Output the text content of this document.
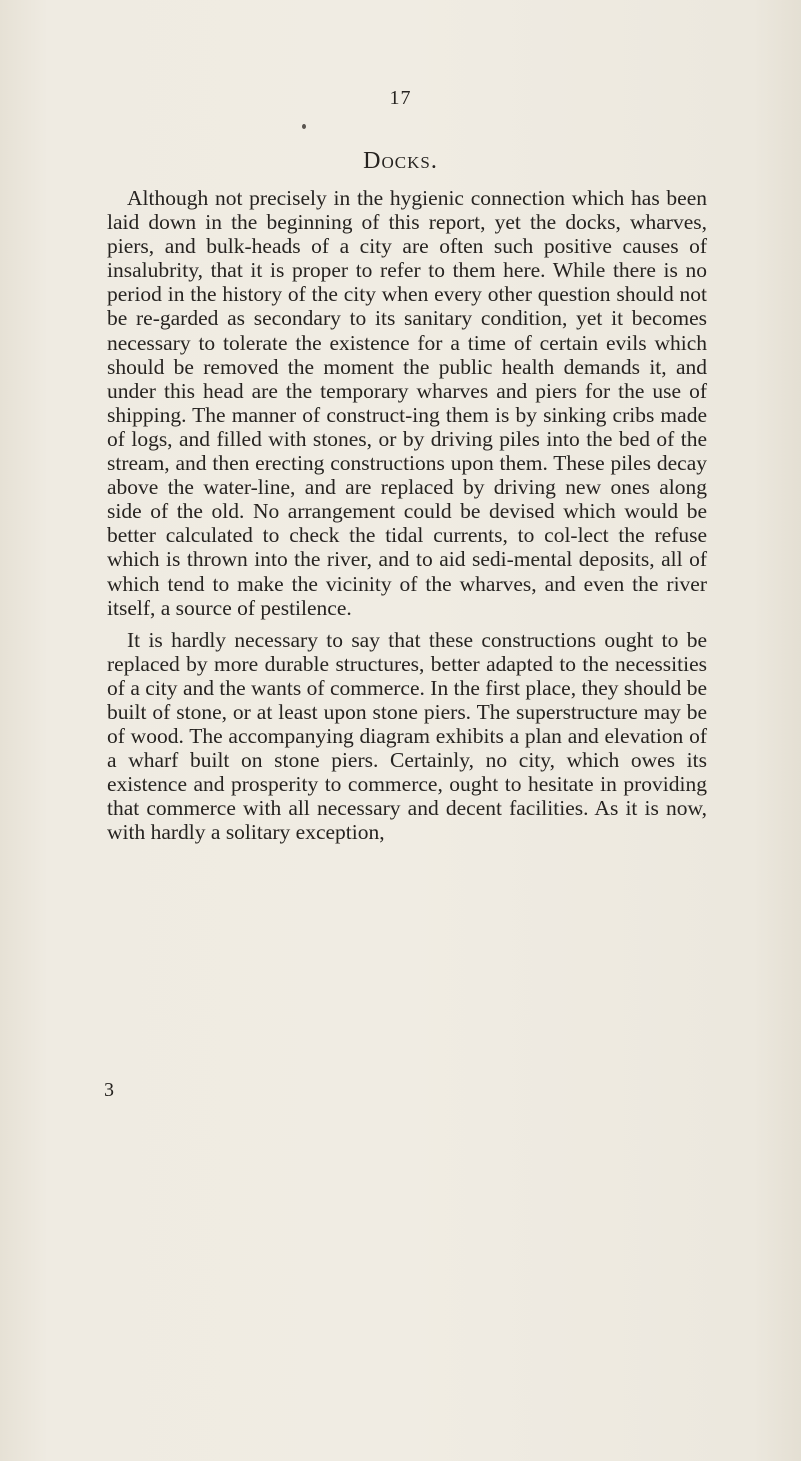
17
Docks.

Although not precisely in the hygienic connection which has been laid down in the beginning of this report, yet the docks, wharves, piers, and bulk-heads of a city are often such positive causes of insalubrity, that it is proper to refer to them here. While there is no period in the history of the city when every other question should not be re-garded as secondary to its sanitary condition, yet it becomes necessary to tolerate the existence for a time of certain evils which should be removed the moment the public health demands it, and under this head are the temporary wharves and piers for the use of shipping. The manner of construct-ing them is by sinking cribs made of logs, and filled with stones, or by driving piles into the bed of the stream, and then erecting constructions upon them. These piles decay above the water-line, and are replaced by driving new ones along side of the old. No arrangement could be devised which would be better calculated to check the tidal currents, to col-lect the refuse which is thrown into the river, and to aid sedi-mental deposits, all of which tend to make the vicinity of the wharves, and even the river itself, a source of pestilence.

It is hardly necessary to say that these constructions ought to be replaced by more durable structures, better adapted to the necessities of a city and the wants of commerce. In the first place, they should be built of stone, or at least upon stone piers. The superstructure may be of wood. The accompanying diagram exhibits a plan and elevation of a wharf built on stone piers. Certainly, no city, which owes its existence and prosperity to commerce, ought to hesitate in providing that commerce with all necessary and decent facilities. As it is now, with hardly a solitary exception,

3
